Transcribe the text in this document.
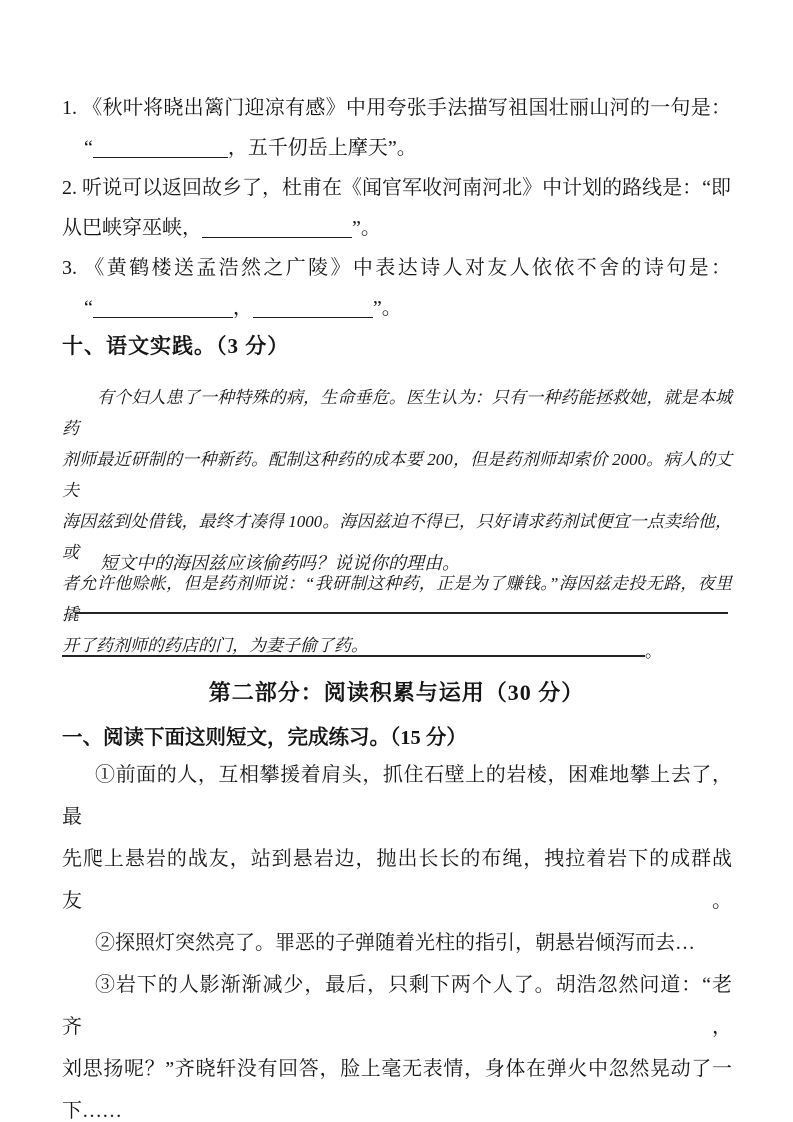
1. 《秋叶将晓出篱门迎凉有感》中用夸张手法描写祖国壮丽山河的一句是：
“	，五千仞岳上摩天”。
2. 听说可以返回故乡了，杜甫在《闻官军收河南河北》中计划的路线是：“即
从巴峡穿巫峡，	”。
3. 《黄鹤楼送孟浩然之广陵》中表达诗人对友人依依不舍的诗句是：
“	，	”。
十、语文实践。（3 分）
有个妇人患了一种特殊的病，生命垂危。医生认为：只有一种药能拯救她，就是本城药
剂师最近研制的一种新药。配制这种药的成本要 200，但是药剂师却索价 2000。病人的丈夫
海因兹到处借钱，最终才凑得 1000。海因兹迫不得已，只好请求药剂试便宜一点卖给他，或
者允许他赊帐，但是药剂师说：“我研制这种药，正是为了赚钱。”海因兹走投无路，夜里撬
开了药剂师的药店的门，为妻子偷了药。
短文中的海因兹应该偷药吗？说说你的理由。
。
第二部分：阅读积累与运用（30 分）
一、阅读下面这则短文，完成练习。（15 分）
①前面的人，互相攀援着肩头，抓住石壁上的岩棱，困难地攀上去了，最
先爬上悬岩的战友，站到悬岩边，抛出长长的布绳，拽拉着岩下的成群战友。
②探照灯突然亮了。罪恶的子弹随着光柱的指引，朝悬岩倾泻而去…
③岩下的人影渐渐减少，最后，只剩下两个人了。胡浩忽然问道：“老齐，
刘思扬呢？”齐晓轩没有回答，脸上毫无表情，身体在弹火中忽然晃动了一
下……
